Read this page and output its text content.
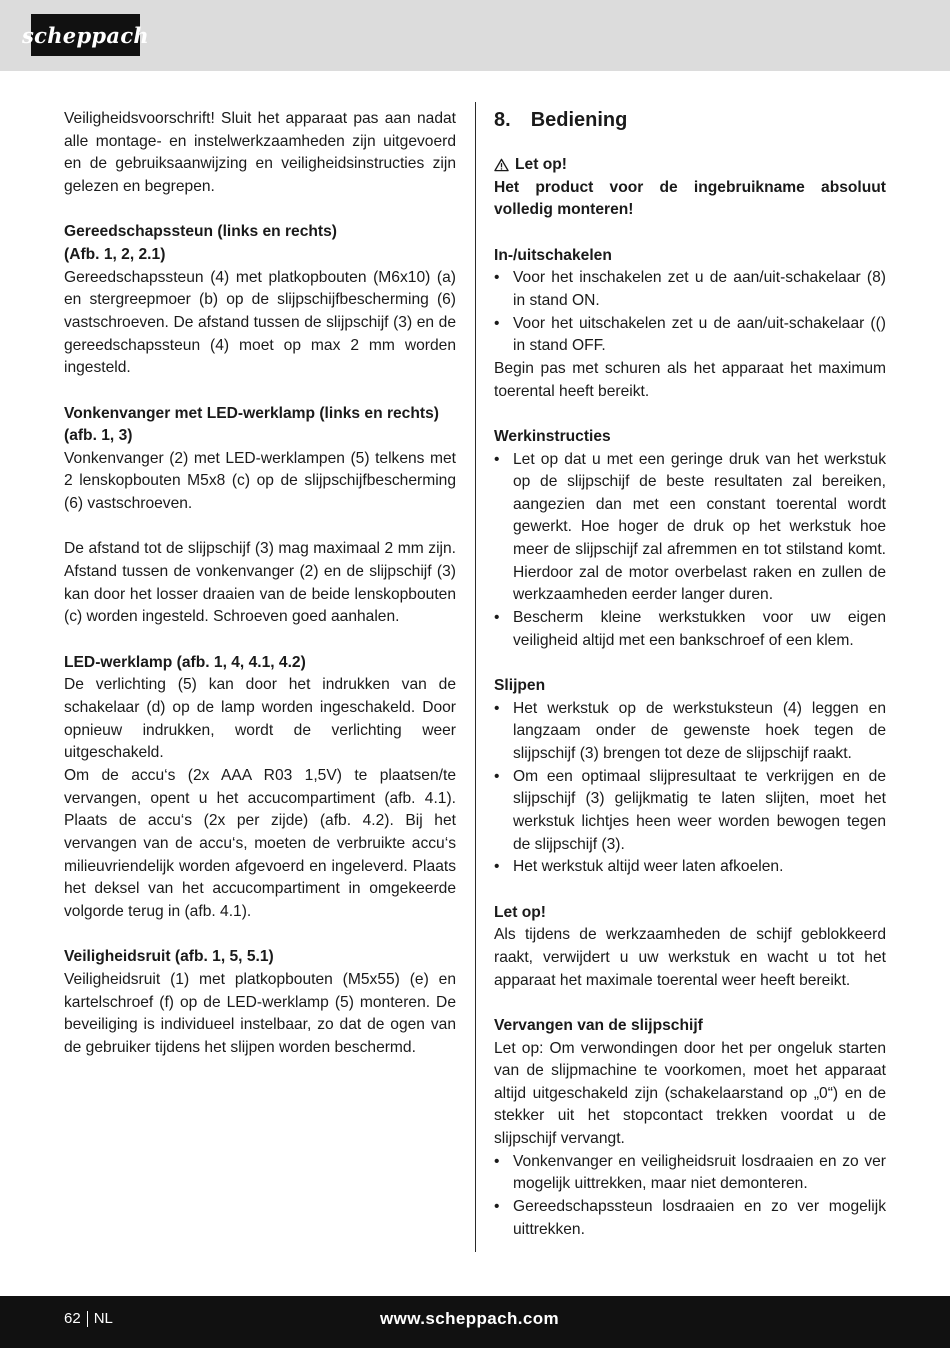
scheppach

Veiligheidsvoorschrift! Sluit het apparaat pas aan nadat alle montage- en instelwerkzaamheden zijn uitgevoerd en de gebruiksaanwijzing en veiligheidsinstructies zijn gelezen en begrepen.

Gereedschapssteun (links en rechts)

(Afb. 1, 2, 2.1)

Gereedschapssteun (4) met platkopbouten (M6x10) (a) en stergreepmoer (b) op de slijpschijfbescherming (6) vastschroeven. De afstand tussen de slijpschijf (3) en de gereedschapssteun (4) moet op max 2 mm worden ingesteld.

Vonkenvanger met LED-werklamp (links en rechts)

(afb. 1, 3)

Vonkenvanger (2) met LED-werklampen (5) telkens met 2 lenskopbouten M5x8 (c) op de slijpschijfbescherming (6) vastschroeven.

De afstand tot de slijpschijf (3) mag maximaal 2 mm zijn. Afstand tussen de vonkenvanger (2) en de slijpschijf (3) kan door het losser draaien van de beide lenskopbouten (c) worden ingesteld. Schroeven goed aanhalen.

LED-werklamp (afb. 1, 4, 4.1, 4.2)

De verlichting (5) kan door het indrukken van de schakelaar (d) op de lamp worden ingeschakeld. Door opnieuw indrukken, wordt de verlichting weer uitgeschakeld.

Om de accu‘s (2x AAA R03 1,5V) te plaatsen/te vervangen, opent u het accucompartiment (afb. 4.1). Plaats de accu‘s (2x per zijde) (afb. 4.2). Bij het vervangen van de accu‘s, moeten de verbruikte accu‘s milieuvriendelijk worden afgevoerd en ingeleverd. Plaats het deksel van het accucompartiment in omgekeerde volgorde terug in (afb. 4.1).

Veiligheidsruit (afb. 1, 5, 5.1)

Veiligheidsruit (1) met platkopbouten (M5x55) (e) en kartelschroef (f) op de LED-werklamp (5) monteren. De beveiliging is individueel instelbaar, zo dat de ogen van de gebruiker tijdens het slijpen worden beschermd.

8. Bediening
Let op!

Het product voor de ingebruikname absoluut volledig monteren!

In-/uitschakelen

• Voor het inschakelen zet u de aan/uit-schakelaar (8) in stand ON.
• Voor het uitschakelen zet u de aan/uit-schakelaar (() in stand OFF.

Begin pas met schuren als het apparaat het maximum toerental heeft bereikt.

Werkinstructies

• Let op dat u met een geringe druk van het werkstuk op de slijpschijf de beste resultaten zal bereiken, aangezien dan met een constant toerental wordt gewerkt. Hoe hoger de druk op het werkstuk hoe meer de slijpschijf zal afremmen en tot stilstand komt. Hierdoor zal de motor overbelast raken en zullen de werkzaamheden eerder langer duren.
• Bescherm kleine werkstukken voor uw eigen veiligheid altijd met een bankschroef of een klem.

Slijpen

• Het werkstuk op de werkstuksteun (4) leggen en langzaam onder de gewenste hoek tegen de slijpschijf (3) brengen tot deze de slijpschijf raakt.
• Om een optimaal slijpresultaat te verkrijgen en de slijpschijf (3) gelijkmatig te laten slijten, moet het werkstuk lichtjes heen weer worden bewogen tegen de slijpschijf (3).
• Het werkstuk altijd weer laten afkoelen.

Let op!

Als tijdens de werkzaamheden de schijf geblokkeerd raakt, verwijdert u uw werkstuk en wacht u tot het apparaat het maximale toerental weer heeft bereikt.

Vervangen van de slijpschijf

Let op: Om verwondingen door het per ongeluk starten van de slijpmachine te voorkomen, moet het apparaat altijd uitgeschakeld zijn (schakelaarstand op „0“) en de stekker uit het stopcontact trekken voordat u de slijpschijf vervangt.

• Vonkenvanger en veiligheidsruit losdraaien en zo ver mogelijk uittrekken, maar niet demonteren.
• Gereedschapssteun losdraaien en zo ver mogelijk uittrekken.
62 NL	www.scheppach.com
